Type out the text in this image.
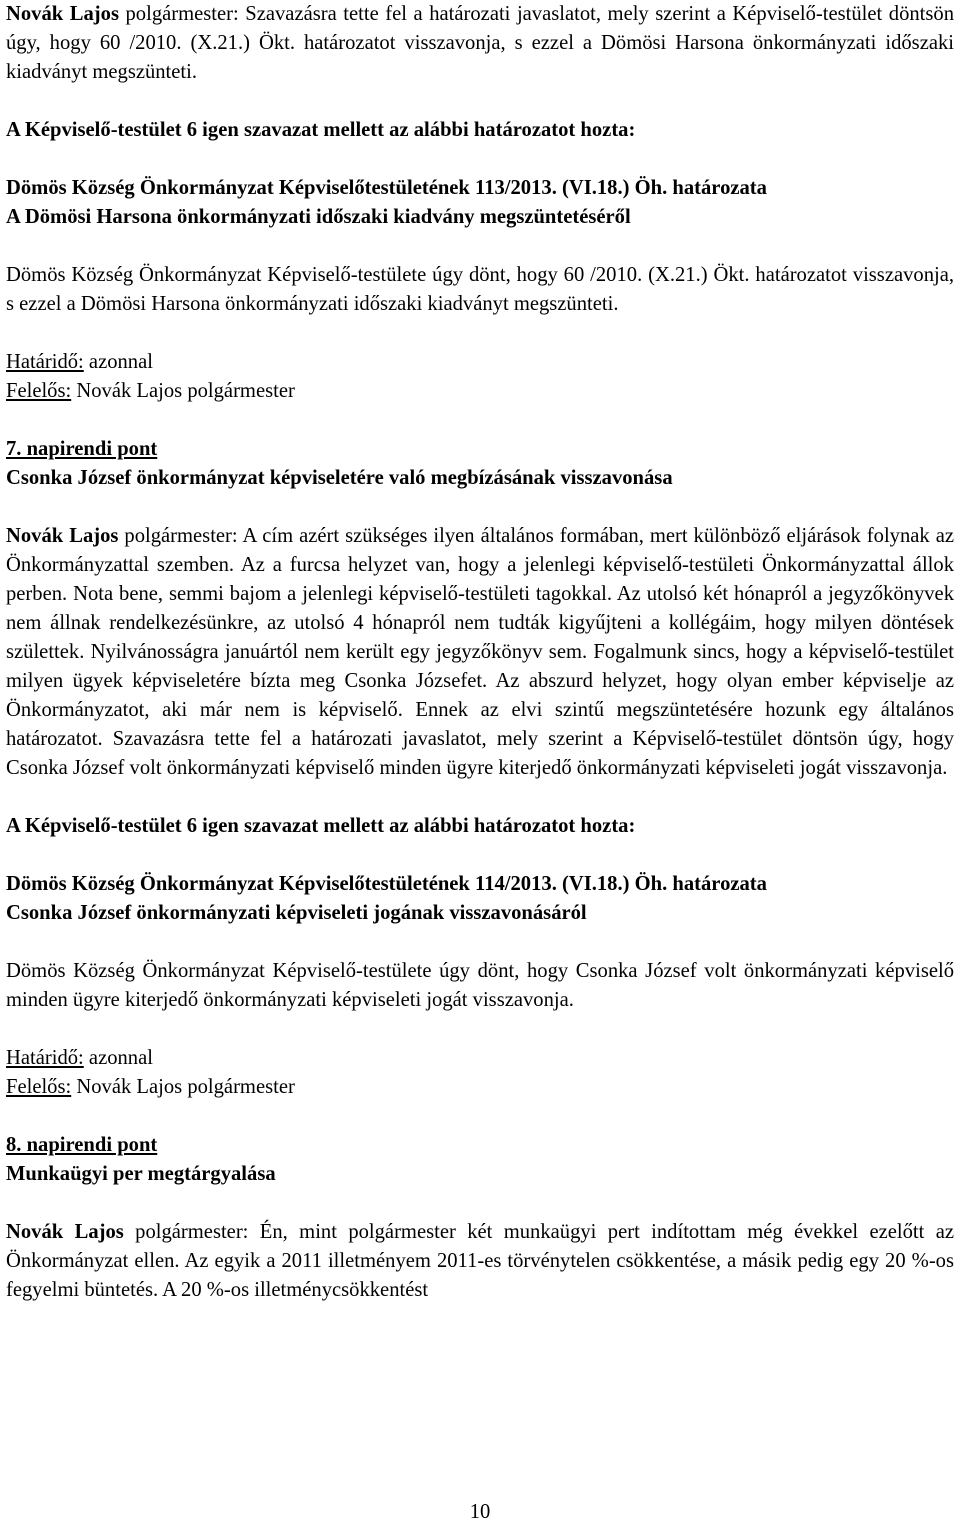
Novák Lajos polgármester: Szavazásra tette fel a határozati javaslatot, mely szerint a Képviselő-testület döntsön úgy, hogy 60 /2010. (X.21.) Ökt. határozatot visszavonja, s ezzel a Dömösi Harsona önkormányzati időszaki kiadványt megszünteti.

A Képviselő-testület 6 igen szavazat mellett az alábbi határozatot hozta:

Dömös Község Önkormányzat Képviselőtestületének 113/2013. (VI.18.) Öh. határozata

A Dömösi Harsona önkormányzati időszaki kiadvány megszüntetéséről

Dömös Község Önkormányzat Képviselő-testülete úgy dönt, hogy 60 /2010. (X.21.) Ökt. határozatot visszavonja, s ezzel a Dömösi Harsona önkormányzati időszaki kiadványt megszünteti.

Határidő: azonnal

Felelős: Novák Lajos polgármester

7. napirendi pont

Csonka József önkormányzat képviseletére való megbízásának visszavonása

Novák Lajos polgármester: A cím azért szükséges ilyen általános formában, mert különböző eljárások folynak az Önkormányzattal szemben. Az a furcsa helyzet van, hogy a jelenlegi képviselő-testületi Önkormányzattal állok perben. Nota bene, semmi bajom a jelenlegi képviselő-testületi tagokkal. Az utolsó két hónapról a jegyzőkönyvek nem állnak rendelkezésünkre, az utolsó 4 hónapról nem tudták kigyűjteni a kollégáim, hogy milyen döntések születtek. Nyilvánosságra januártól nem került egy jegyzőkönyv sem. Fogalmunk sincs, hogy a képviselő-testület milyen ügyek képviseletére bízta meg Csonka Józsefet. Az abszurd helyzet, hogy olyan ember képviselje az Önkormányzatot, aki már nem is képviselő. Ennek az elvi szintű megszüntetésére hozunk egy általános határozatot. Szavazásra tette fel a határozati javaslatot, mely szerint a Képviselő-testület döntsön úgy, hogy Csonka József volt önkormányzati képviselő minden ügyre kiterjedő önkormányzati képviseleti jogát visszavonja.

A Képviselő-testület 6 igen szavazat mellett az alábbi határozatot hozta:

Dömös Község Önkormányzat Képviselőtestületének 114/2013. (VI.18.) Öh. határozata

Csonka József önkormányzati képviseleti jogának visszavonásáról

Dömös Község Önkormányzat Képviselő-testülete úgy dönt, hogy Csonka József volt önkormányzati képviselő minden ügyre kiterjedő önkormányzati képviseleti jogát visszavonja.

Határidő: azonnal

Felelős: Novák Lajos polgármester

8. napirendi pont

Munkaügyi per megtárgyalása

Novák Lajos polgármester: Én, mint polgármester két munkaügyi pert indítottam még évekkel ezelőtt az Önkormányzat ellen. Az egyik a 2011 illetményem 2011-es törvénytelen csökkentése, a másik pedig egy 20 %-os fegyelmi büntetés. A 20 %-os illetménycsökkentést

10
